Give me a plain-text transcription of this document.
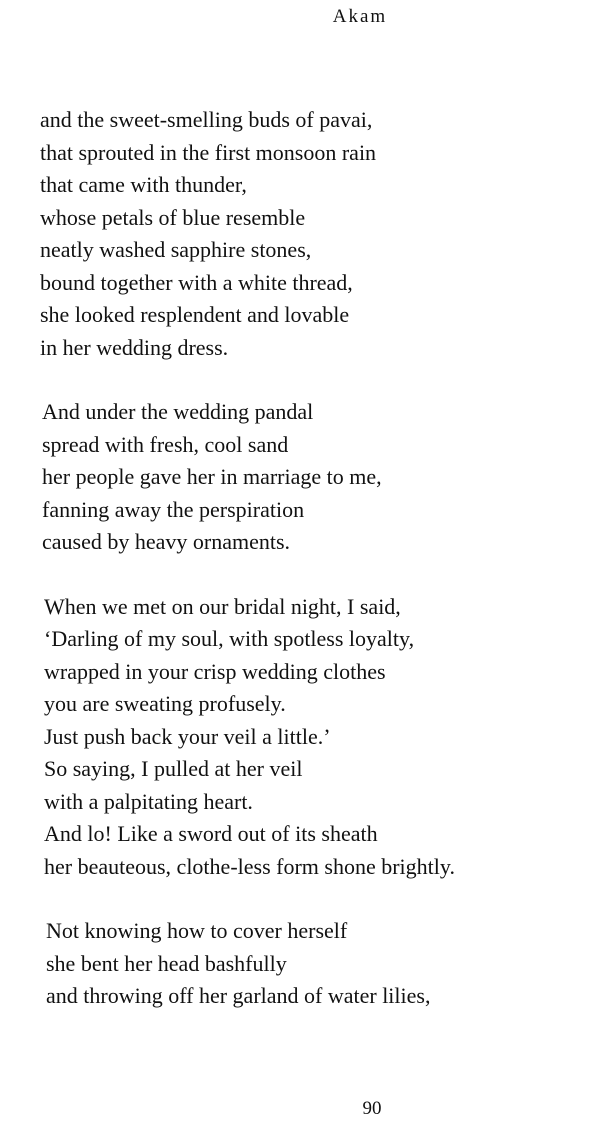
Akam
and the sweet-smelling buds of pavai,
that sprouted in the first monsoon rain
that came with thunder,
whose petals of blue resemble
neatly washed sapphire stones,
bound together with a white thread,
she looked resplendent and lovable
in her wedding dress.
And under the wedding pandal
spread with fresh, cool sand
her people gave her in marriage to me,
fanning away the perspiration
caused by heavy ornaments.
When we met on our bridal night, I said,
‘Darling of my soul, with spotless loyalty,
wrapped in your crisp wedding clothes
you are sweating profusely.
Just push back your veil a little.’
So saying, I pulled at her veil
with a palpitating heart.
And lo! Like a sword out of its sheath
her beauteous, clothe-less form shone brightly.
Not knowing how to cover herself
she bent her head bashfully
and throwing off her garland of water lilies,
90
